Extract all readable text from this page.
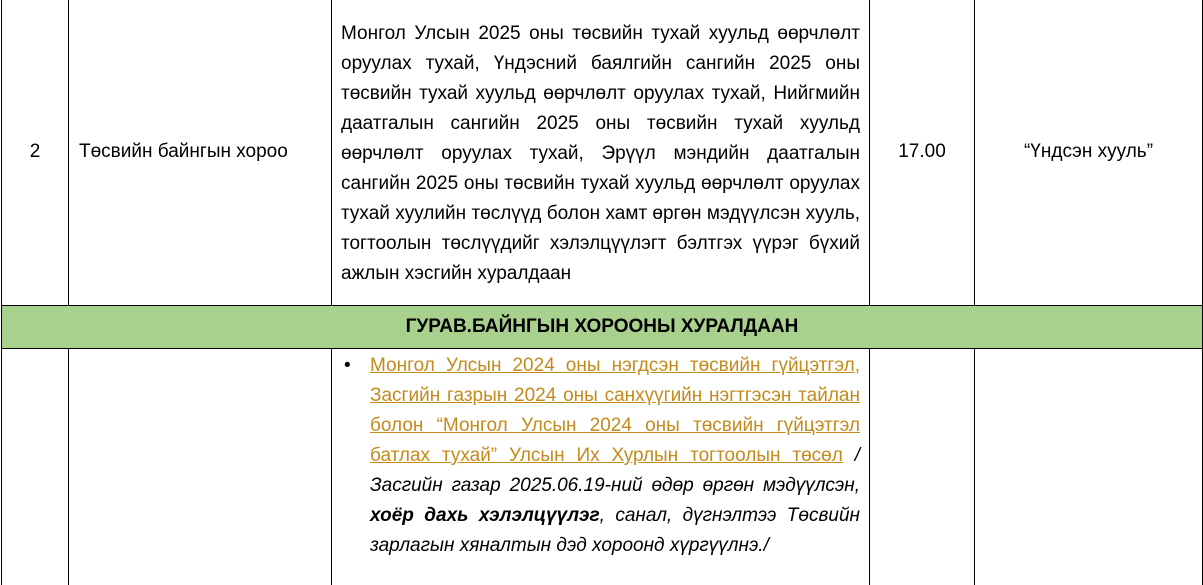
2	Төсвийн байнгын хороо	Монгол Улсын 2025 оны төсвийн тухай хуульд өөрчлөлт оруулах тухай, Үндэсний баялгийн сангийн 2025 оны төсвийн тухай хуульд өөрчлөлт оруулах тухай, Нийгмийн даатгалын сангийн 2025 оны төсвийн тухай хуульд өөрчлөлт оруулах тухай, Эрүүл мэндийн даатгалын сангийн 2025 оны төсвийн тухай хуульд өөрчлөлт оруулах тухай хуулийн төслүүд болон хамт өргөн мэдүүлсэн хууль, тогтоолын төслүүдийг хэлэлцүүлэгт бэлтгэх үүрэг бүхий ажлын хэсгийн хуралдаан	17.00	“Үндсэн хууль”
ГУРАВ.БАЙНГЫН ХОРООНЫ ХУРАЛДААН				

		• Монгол Улсын 2024 оны нэгдсэн төсвийн гүйцэтгэл, Засгийн газрын 2024 оны санхүүгийн нэгтгэсэн тайлан болон “Монгол Улсын 2024 оны төсвийн гүйцэтгэл батлах тухай” Улсын Их Хурлын тогтоолын төсөл /Засгийн газар 2025.06.19-ний өдөр өргөн мэдүүлсэн, хоёр дахь хэлэлцүүлэг, санал, дүгнэлтээ Төсвийн зарлагын хяналтын дэд хороонд хүргүүлнэ./		
